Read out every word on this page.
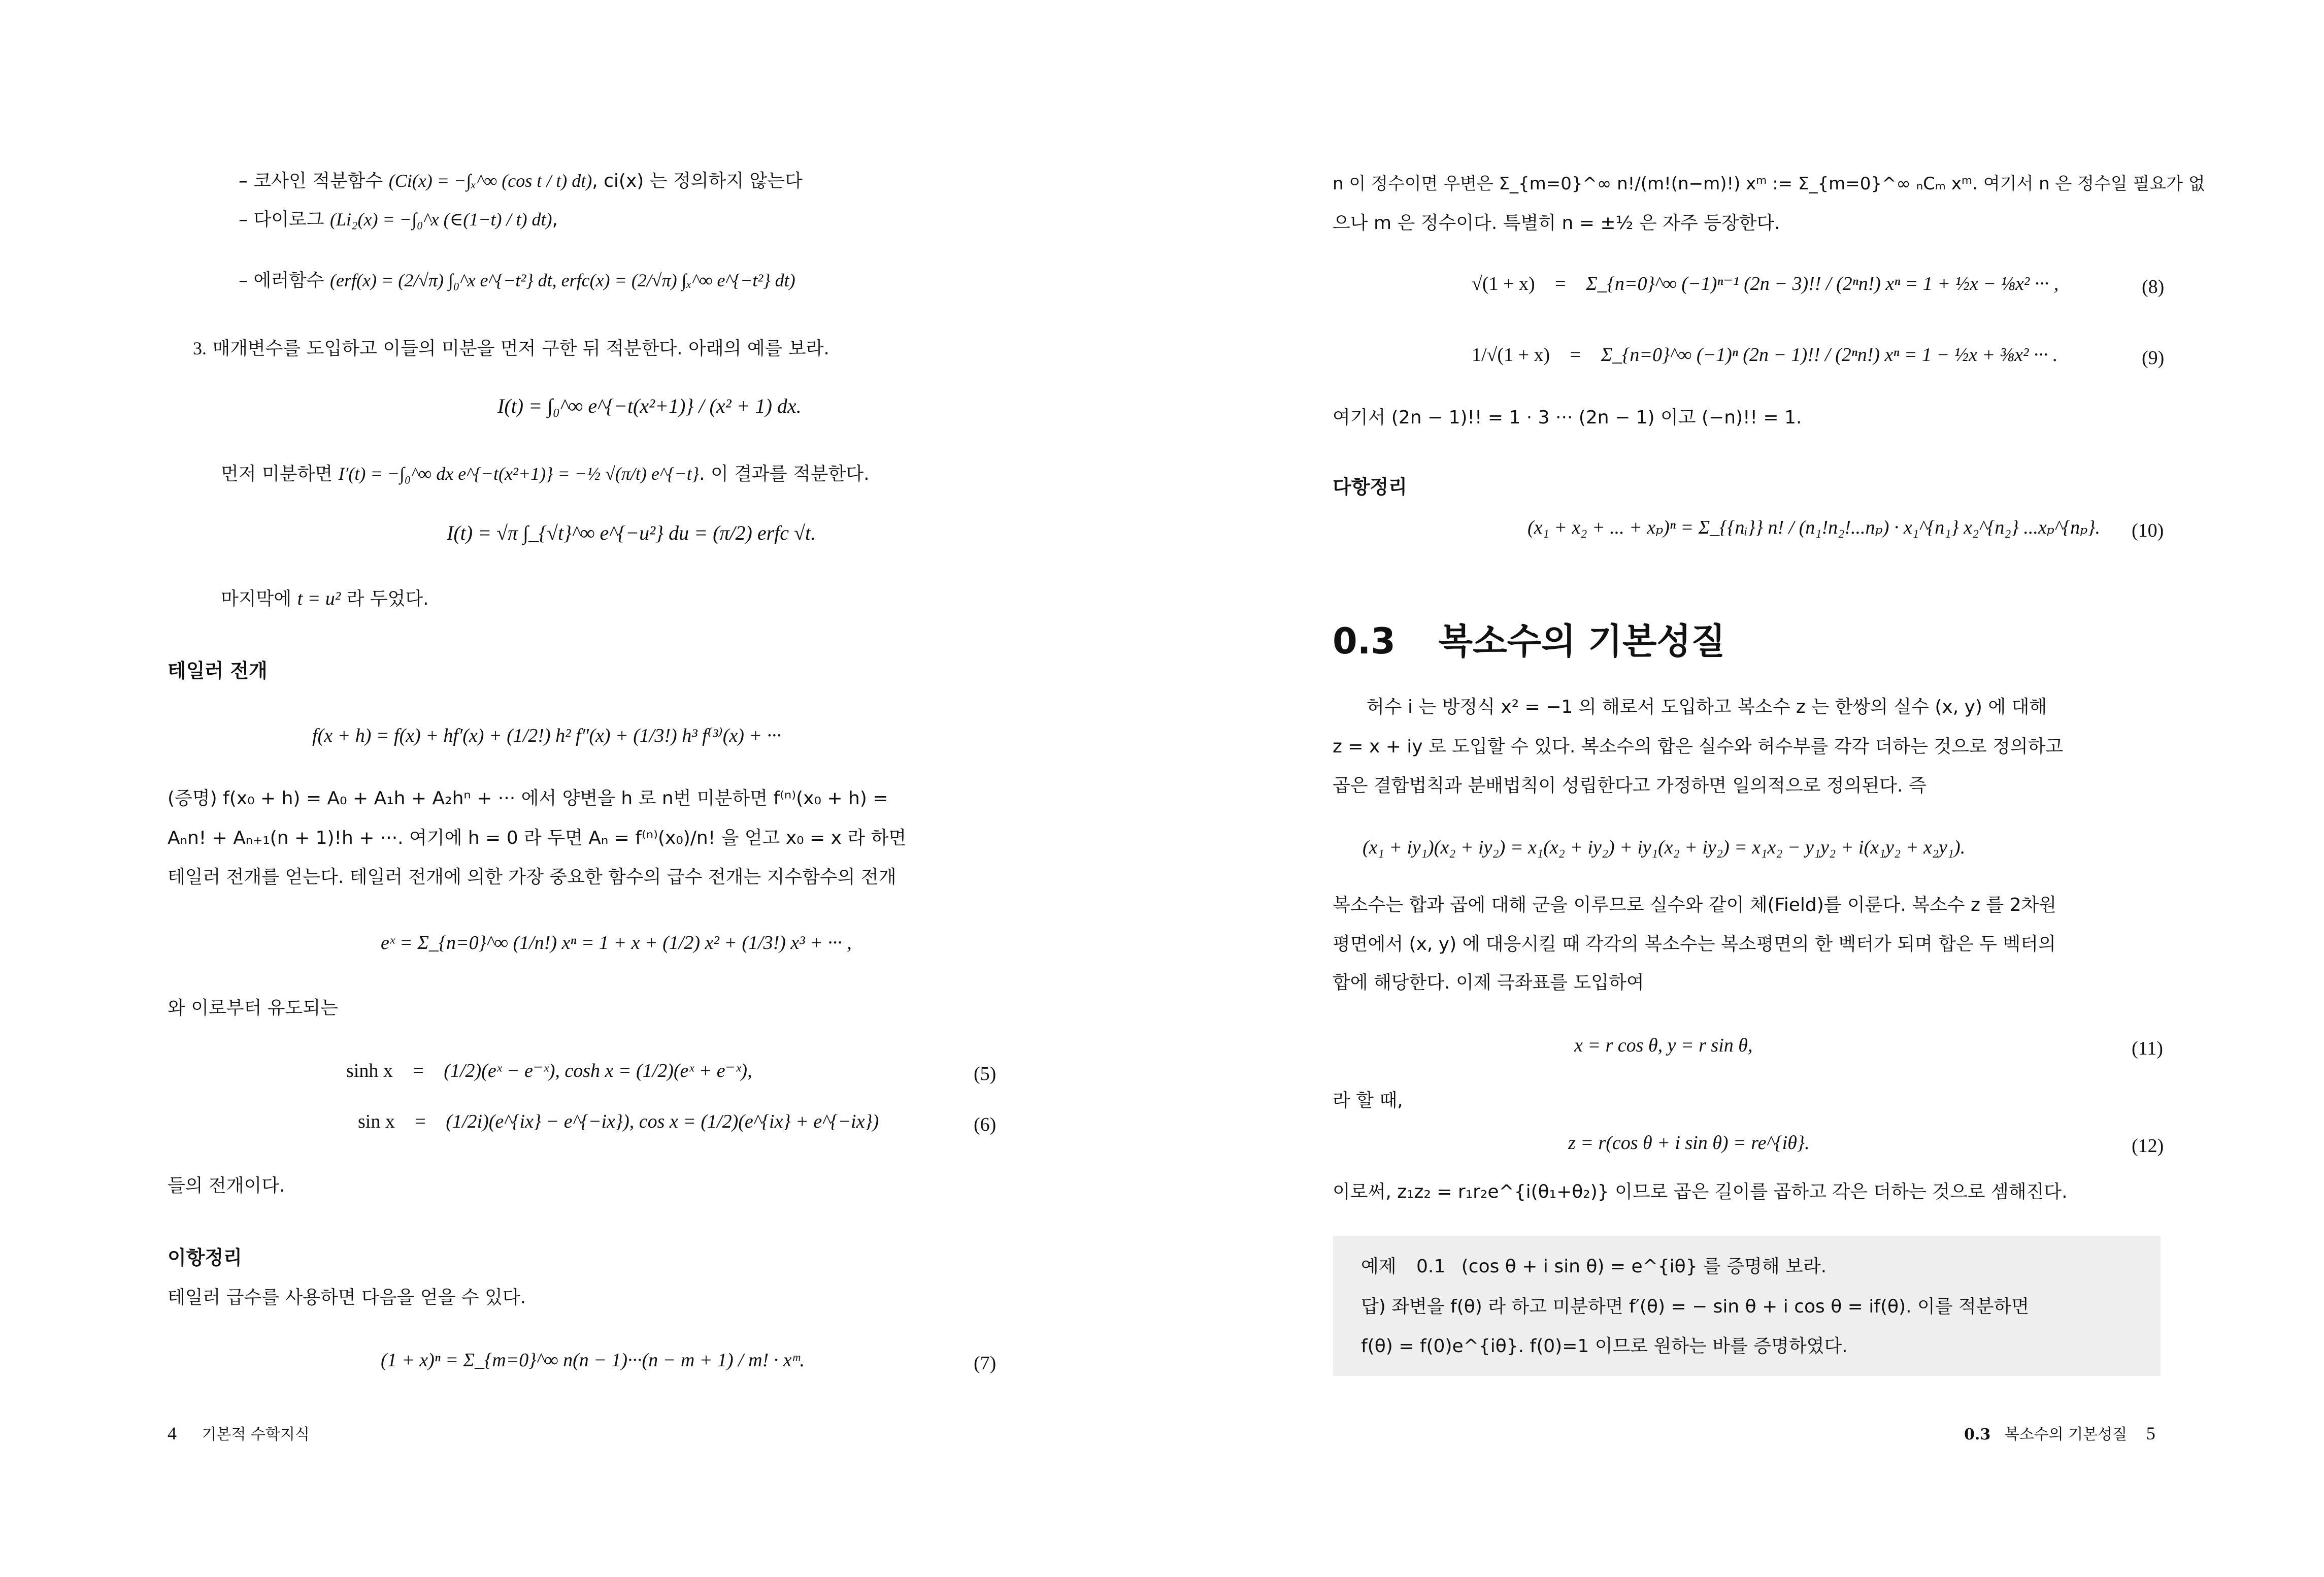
– 코사인 적분함수 (Ci(x) = −∫ₓ^∞ (cos t / t) dt), ci(x) 는 정의하지 않는다
– 다이로그 (Li₂(x) = −∫₀^x (∈(1−t) / t) dt),
– 에러함수 (erf(x) = (2/√π) ∫₀^x e^{−t²} dt, erfc(x) = (2/√π) ∫ₓ^∞ e^{−t²} dt)
3. 매개변수를 도입하고 이들의 미분을 먼저 구한 뒤 적분한다. 아래의 예를 보라.
I(t) = ∫₀^∞ e^{−t(x²+1)} / (x² + 1) dx.
먼저 미분하면 I′(t) = −∫₀^∞ dx e^{−t(x²+1)} = −½ √(π/t) e^{−t}. 이 결과를 적분한다.
I(t) = √π ∫_{√t}^∞ e^{−u²} du = (π/2) erfc √t.
마지막에 t = u² 라 두었다.
테일러 전개
f(x + h) = f(x) + hf′(x) + (1/2!) h² f″(x) + (1/3!) h³ f⁽³⁾(x) + ···
(증명) f(x₀ + h) = A₀ + A₁h + A₂hⁿ + ··· 에서 양변을 h 로 n번 미분하면 f⁽ⁿ⁾(x₀ + h) =
Aₙn! + Aₙ₊₁(n + 1)!h + ···. 여기에 h = 0 라 두면 Aₙ = f⁽ⁿ⁾(x₀)/n! 을 얻고 x₀ = x 라 하면
테일러 전개를 얻는다. 테일러 전개에 의한 가장 중요한 함수의 급수 전개는 지수함수의 전개
eˣ = Σ_{n=0}^∞ (1/n!) xⁿ = 1 + x + (1/2) x² + (1/3!) x³ + ··· ,
와 이로부터 유도되는
sinh x = (1/2)(eˣ − e⁻ˣ), cosh x = (1/2)(eˣ + e⁻ˣ),	(5)
sin x = (1/2i)(e^{ix} − e^{−ix}), cos x = (1/2)(e^{ix} + e^{−ix})	(6)
들의 전개이다.
이항정리
테일러 급수를 사용하면 다음을 얻을 수 있다.
(1 + x)ⁿ = Σ_{m=0}^∞ n(n − 1)···(n − m + 1) / m! · xᵐ.	(7)
4 기본적 수학지식
n 이 정수이면 우변은 Σ_{m=0}^∞ n!/(m!(n−m)!) xᵐ := Σ_{m=0}^∞ ₙCₘ xᵐ. 여기서 n 은 정수일 필요가 없
으나 m 은 정수이다. 특별히 n = ±½ 은 자주 등장한다.
√(1 + x) = Σ_{n=0}^∞ (−1)ⁿ⁻¹ (2n − 3)!! / (2ⁿn!) xⁿ = 1 + ½x − ⅛x² ··· ,	(8)
1/√(1 + x) = Σ_{n=0}^∞ (−1)ⁿ (2n − 1)!! / (2ⁿn!) xⁿ = 1 − ½x + ⅜x² ··· .	(9)
여기서 (2n − 1)!! = 1 · 3 ··· (2n − 1) 이고 (−n)!! = 1.
다항정리
(x₁ + x₂ + ... + xₚ)ⁿ = Σ_{{nᵢ}} n! / (n₁!n₂!...nₚ) · x₁^{n₁} x₂^{n₂} ...xₚ^{nₚ}. (10)
0.3 복소수의 기본성질
허수 i 는 방정식 x² = −1 의 해로서 도입하고 복소수 z 는 한쌍의 실수 (x, y) 에 대해
z = x + iy 로 도입할 수 있다. 복소수의 합은 실수와 허수부를 각각 더하는 것으로 정의하고
곱은 결합법칙과 분배법칙이 성립한다고 가정하면 일의적으로 정의된다. 즉
(x₁ + iy₁)(x₂ + iy₂) = x₁(x₂ + iy₂) + iy₁(x₂ + iy₂) = x₁x₂ − y₁y₂ + i(x₁y₂ + x₂y₁).
복소수는 합과 곱에 대해 군을 이루므로 실수와 같이 체(Field)를 이룬다. 복소수 z 를 2차원
평면에서 (x, y) 에 대응시킬 때 각각의 복소수는 복소평면의 한 벡터가 되며 합은 두 벡터의
합에 해당한다. 이제 극좌표를 도입하여
x = r cos θ, y = r sin θ,	(11)
라 할 때,
z = r(cos θ + i sin θ) = re^{iθ}.	(12)
이로써, z₁z₂ = r₁r₂e^{i(θ₁+θ₂)} 이므로 곱은 길이를 곱하고 각은 더하는 것으로 셈해진다.
예제 0.1 (cos θ + i sin θ) = e^{iθ} 를 증명해 보라.
답) 좌변을 f(θ) 라 하고 미분하면 f′(θ) = − sin θ + i cos θ = if(θ). 이를 적분하면
f(θ) = f(0)e^{iθ}. f(0)=1 이므로 원하는 바를 증명하였다.
0.3 복소수의 기본성질 5
